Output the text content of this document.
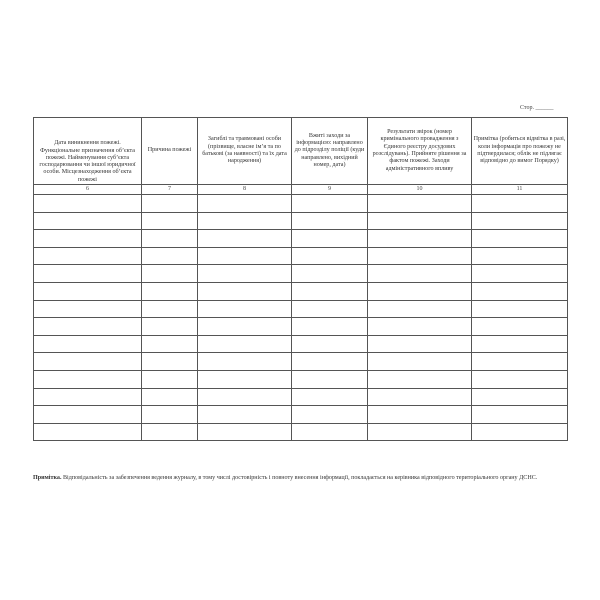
Стор. ______
Дата виникнення пожежі. Функціональне призначення об’єкта пожежі. Найменування суб’єкта господарювання чи іншої юридичної особи. Місцезнаходження об’єкта пожежі	Причина пожежі	Загиблі та травмовані особи (прізвище, власне ім’я та по батькові (за наявності) та їх дата народження)	Вжиті заходи за інформацією: направлено до підрозділу поліції (куди направлено, вихідний номер, дата)	Результати звірок (номер кримінального провадження з Єдиного реєстру досудових розслідувань). Прийняте рішення за фактом пожежі. Заходи адміністративного впливу	Примітка (робиться відмітка в разі, коли інформація про пожежу не підтвердилася; облік не підлягає відповідно до вимог Порядку)
6	7	8	9	10	11

Примітка. Відповідальність за забезпечення ведення журналу, в тому числі достовірність і повноту внесення інформації, покладається на керівника відповідного територіального органу ДСНС.
